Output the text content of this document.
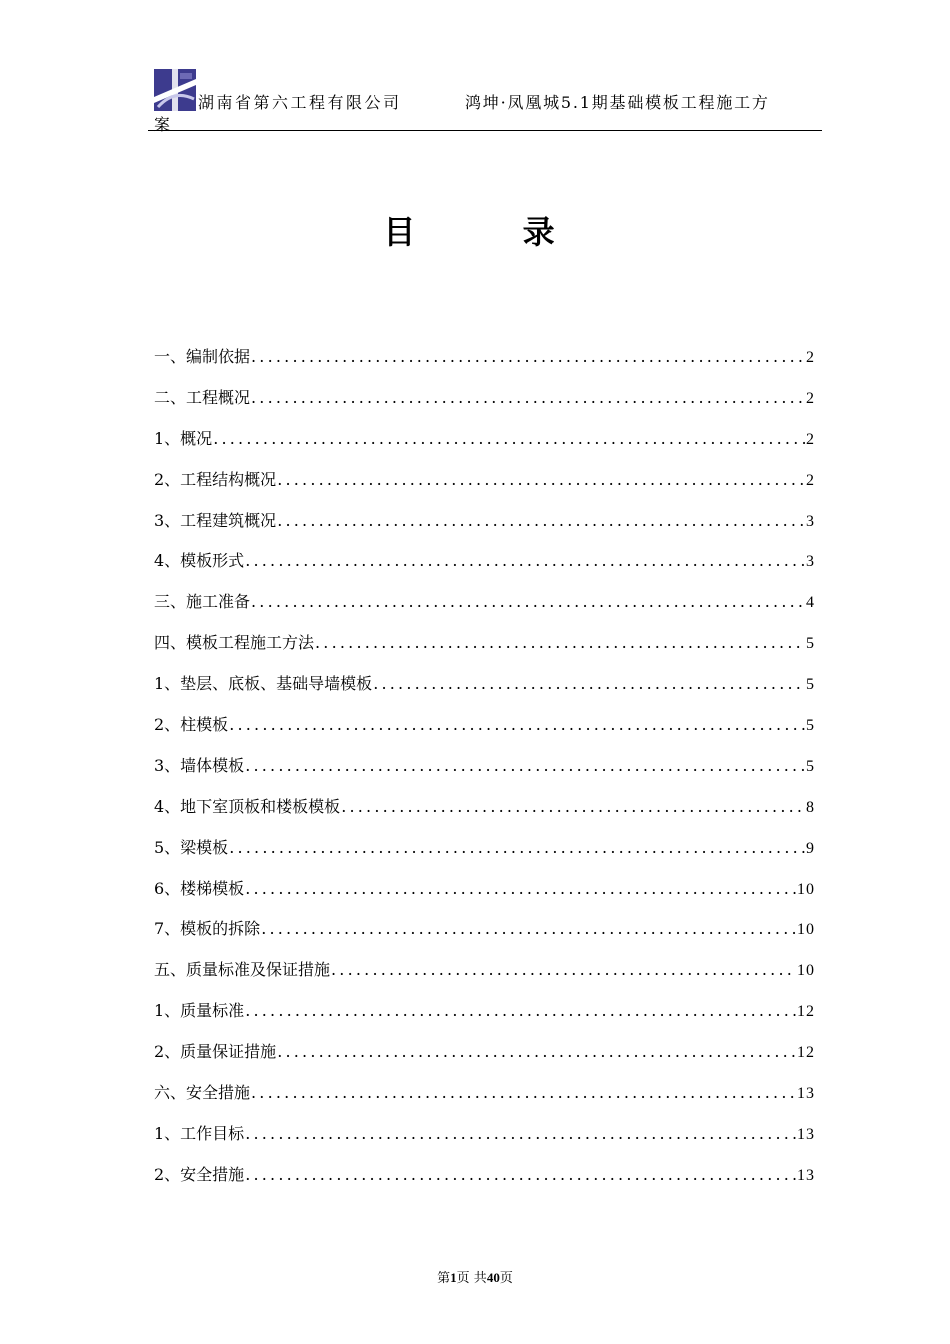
湖南省第六工程有限公司	鸿坤·凤凰城5.1期基础模板工程施工方
案
目 录
一、编制依据 .....	2
二、工程概况 .....	2
1、概况 .....	2
2、工程结构概况 .....	2
3、工程建筑概况 .....	3
4、模板形式 .....	3
三、施工准备 .....	4
四、模板工程施工方法 .....	5
1、垫层、底板、基础导墙模板 .....	5
2、柱模板 .....	5
3、墙体模板 .....	5
4、地下室顶板和楼板模板 .....	8
5、梁模板 .....	9
6、楼梯模板 .....	10
7、模板的拆除 .....	10
五、质量标准及保证措施 .....	10
1、质量标准 .....	12
2、质量保证措施 .....	12
六、安全措施 .....	13
1、工作目标 .....	13
2、安全措施 .....	13
第1页 共40页
